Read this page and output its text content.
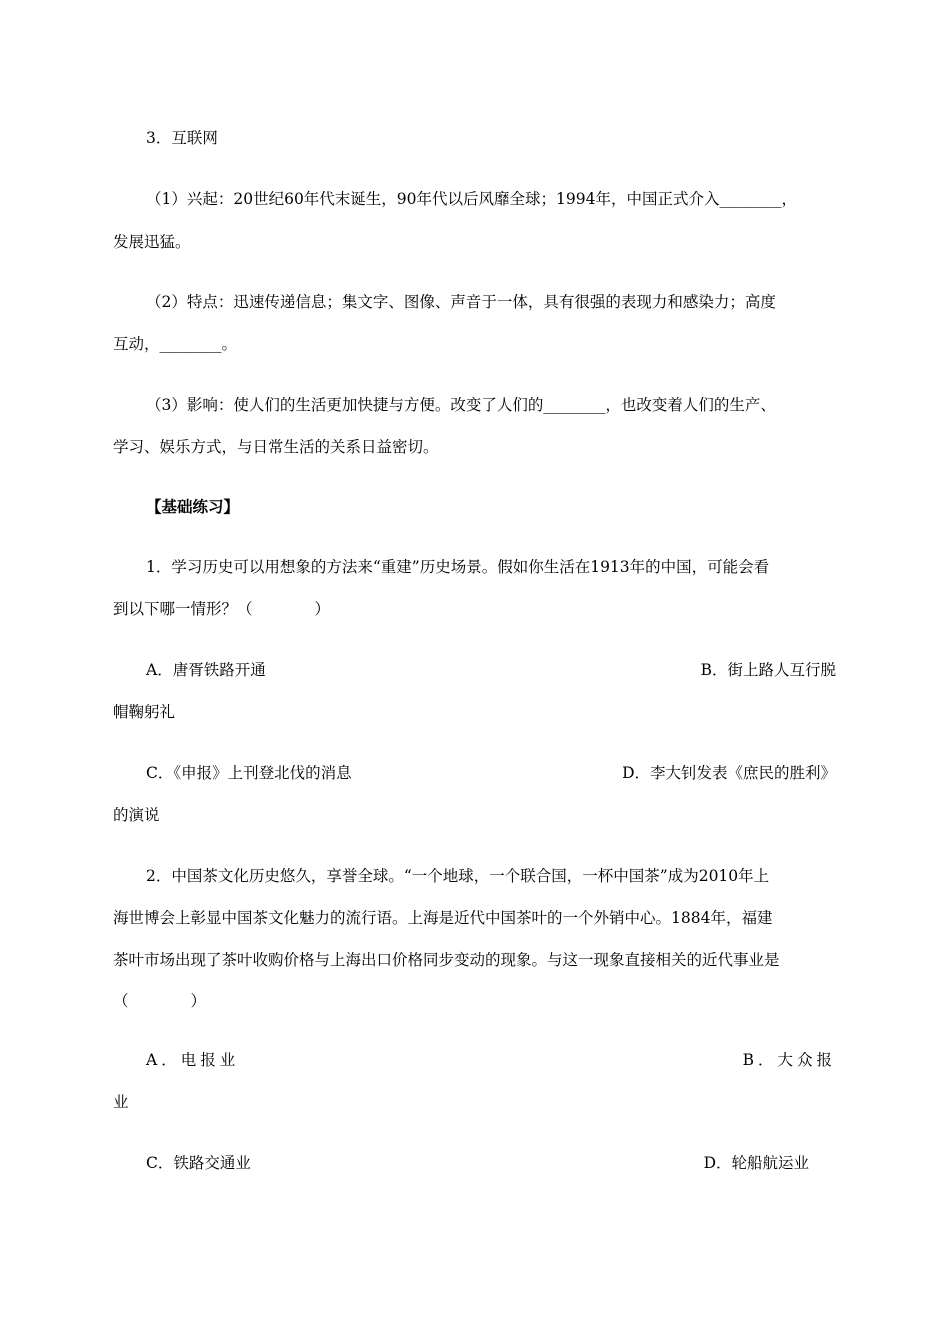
3．互联网
（1）兴起：20世纪60年代末诞生，90年代以后风靡全球；1994年，中国正式介入________，
发展迅猛。
（2）特点：迅速传递信息；集文字、图像、声音于一体，具有很强的表现力和感染力；高度
互动，________。
（3）影响：使人们的生活更加快捷与方便。改变了人们的________，也改变着人们的生产、
学习、娱乐方式，与日常生活的关系日益密切。
【基础练习】
1．学习历史可以用想象的方法来“重建”历史场景。假如你生活在1913年的中国，可能会看
到以下哪一情形？（　　　　）
A．唐胥铁路开通	B．街上路人互行脱
帽鞠躬礼
C．《申报》上刊登北伐的消息	D．李大钊发表《庶民的胜利》
的演说
2．中国茶文化历史悠久，享誉全球。“一个地球，一个联合国，一杯中国茶”成为2010年上
海世博会上彰显中国茶文化魅力的流行语。上海是近代中国茶叶的一个外销中心。1884年，福建
茶叶市场出现了茶叶收购价格与上海出口价格同步变动的现象。与这一现象直接相关的近代事业是
（　　　　）
A．电报业	B．大众报
业
C．铁路交通业	D．轮船航运业
